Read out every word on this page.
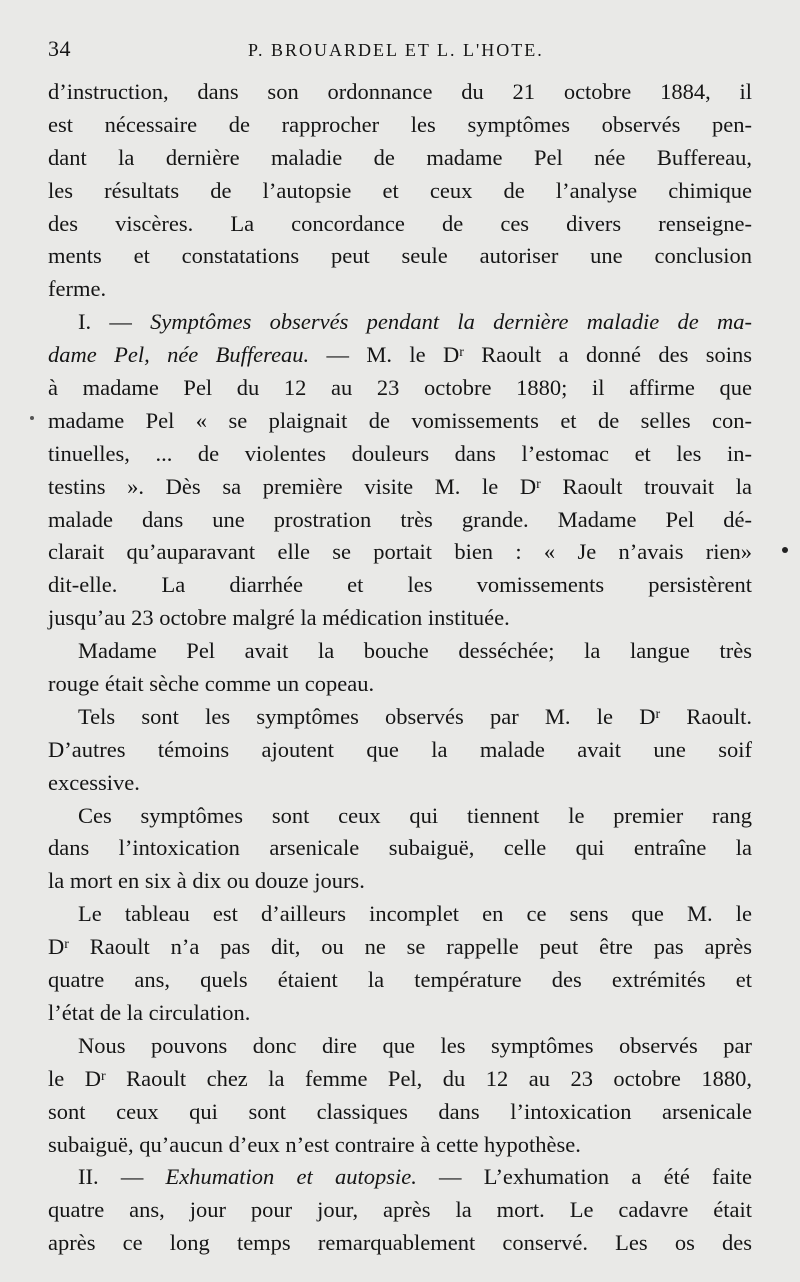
34	P. BROUARDEL ET L. L'HOTE.

d’instruction, dans son ordonnance du 21 octobre 1884, il
est nécessaire de rapprocher les symptômes observés pen-
dant la dernière maladie de madame Pel née Buffereau,
les résultats de l’autopsie et ceux de l’analyse chimique
des viscères. La concordance de ces divers renseigne-
ments et constatations peut seule autoriser une conclusion
ferme.

I. — Symptômes observés pendant la dernière maladie de ma-
dame Pel, née Buffereau. — M. le $D^r$ Raoult a donné des soins
à madame Pel du 12 au 23 octobre 1880; il affirme que
madame Pel « se plaignait de vomissements et de selles con-
tinuelles, ... de violentes douleurs dans l’estomac et les in-
testins ». Dès sa première visite M. le $D^r$ Raoult trouvait la
malade dans une prostration très grande. Madame Pel dé-
clarait qu’auparavant elle se portait bien : « Je n’avais rien»
dit-elle. La diarrhée et les vomissements persistèrent
jusqu’au 23 octobre malgré la médication instituée.

Madame Pel avait la bouche desséchée; la langue très
rouge était sèche comme un copeau.

Tels sont les symptômes observés par M. le $D^r$ Raoult.
D’autres témoins ajoutent que la malade avait une soif
excessive.

Ces symptômes sont ceux qui tiennent le premier rang
dans l’intoxication arsenicale subaiguë, celle qui entraîne la
la mort en six à dix ou douze jours.

Le tableau est d’ailleurs incomplet en ce sens que M. le
$D^r$ Raoult n’a pas dit, ou ne se rappelle peut être pas après
quatre ans, quels étaient la température des extrémités et
l’état de la circulation.

Nous pouvons donc dire que les symptômes observés par
le $D^r$ Raoult chez la femme Pel, du 12 au 23 octobre 1880,
sont ceux qui sont classiques dans l’intoxication arsenicale
subaiguë, qu’aucun d’eux n’est contraire à cette hypothèse.

II. — Exhumation et autopsie. — L’exhumation a été faite
quatre ans, jour pour jour, après la mort. Le cadavre était
après ce long temps remarquablement conservé. Les os des
